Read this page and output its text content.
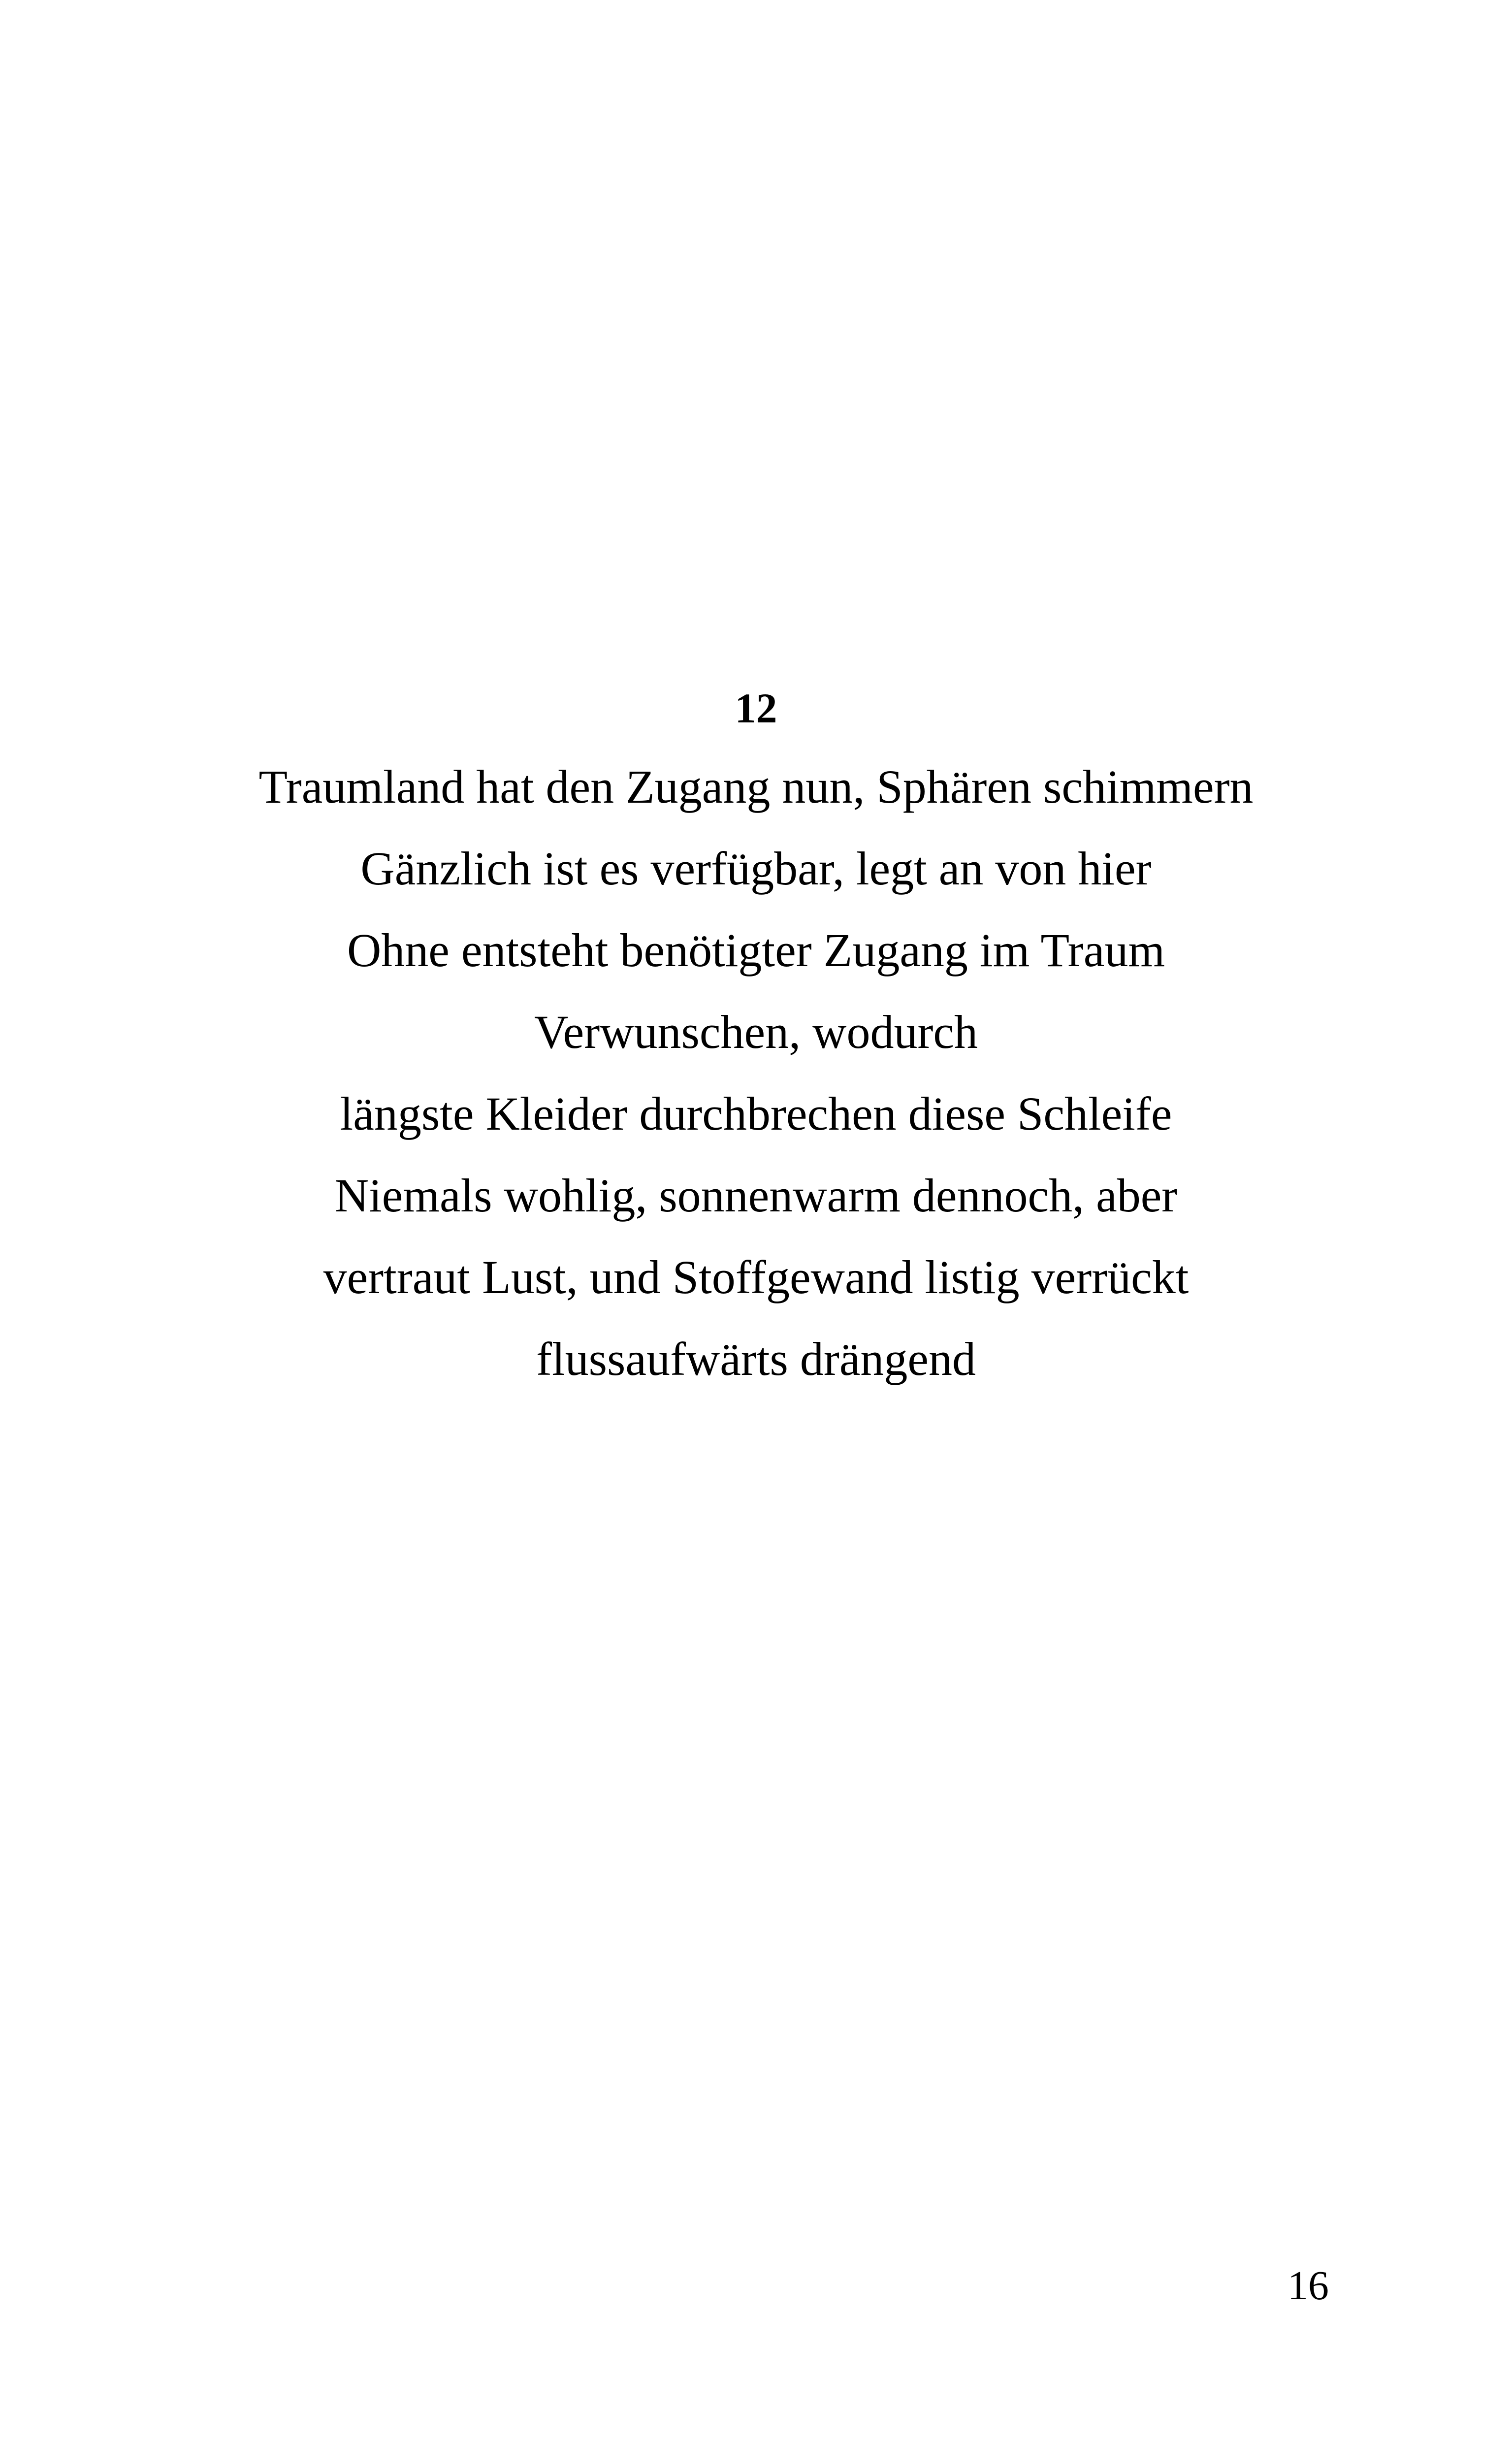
12
Traumland hat den Zugang nun, Sphären schimmern
Gänzlich ist es verfügbar, legt an von hier
Ohne entsteht benötigter Zugang im Traum
Verwunschen, wodurch
längste Kleider durchbrechen diese Schleife
Niemals wohlig, sonnenwarm dennoch, aber
vertraut Lust, und Stoffgewand listig verrückt
flussaufwärts drängend
16
